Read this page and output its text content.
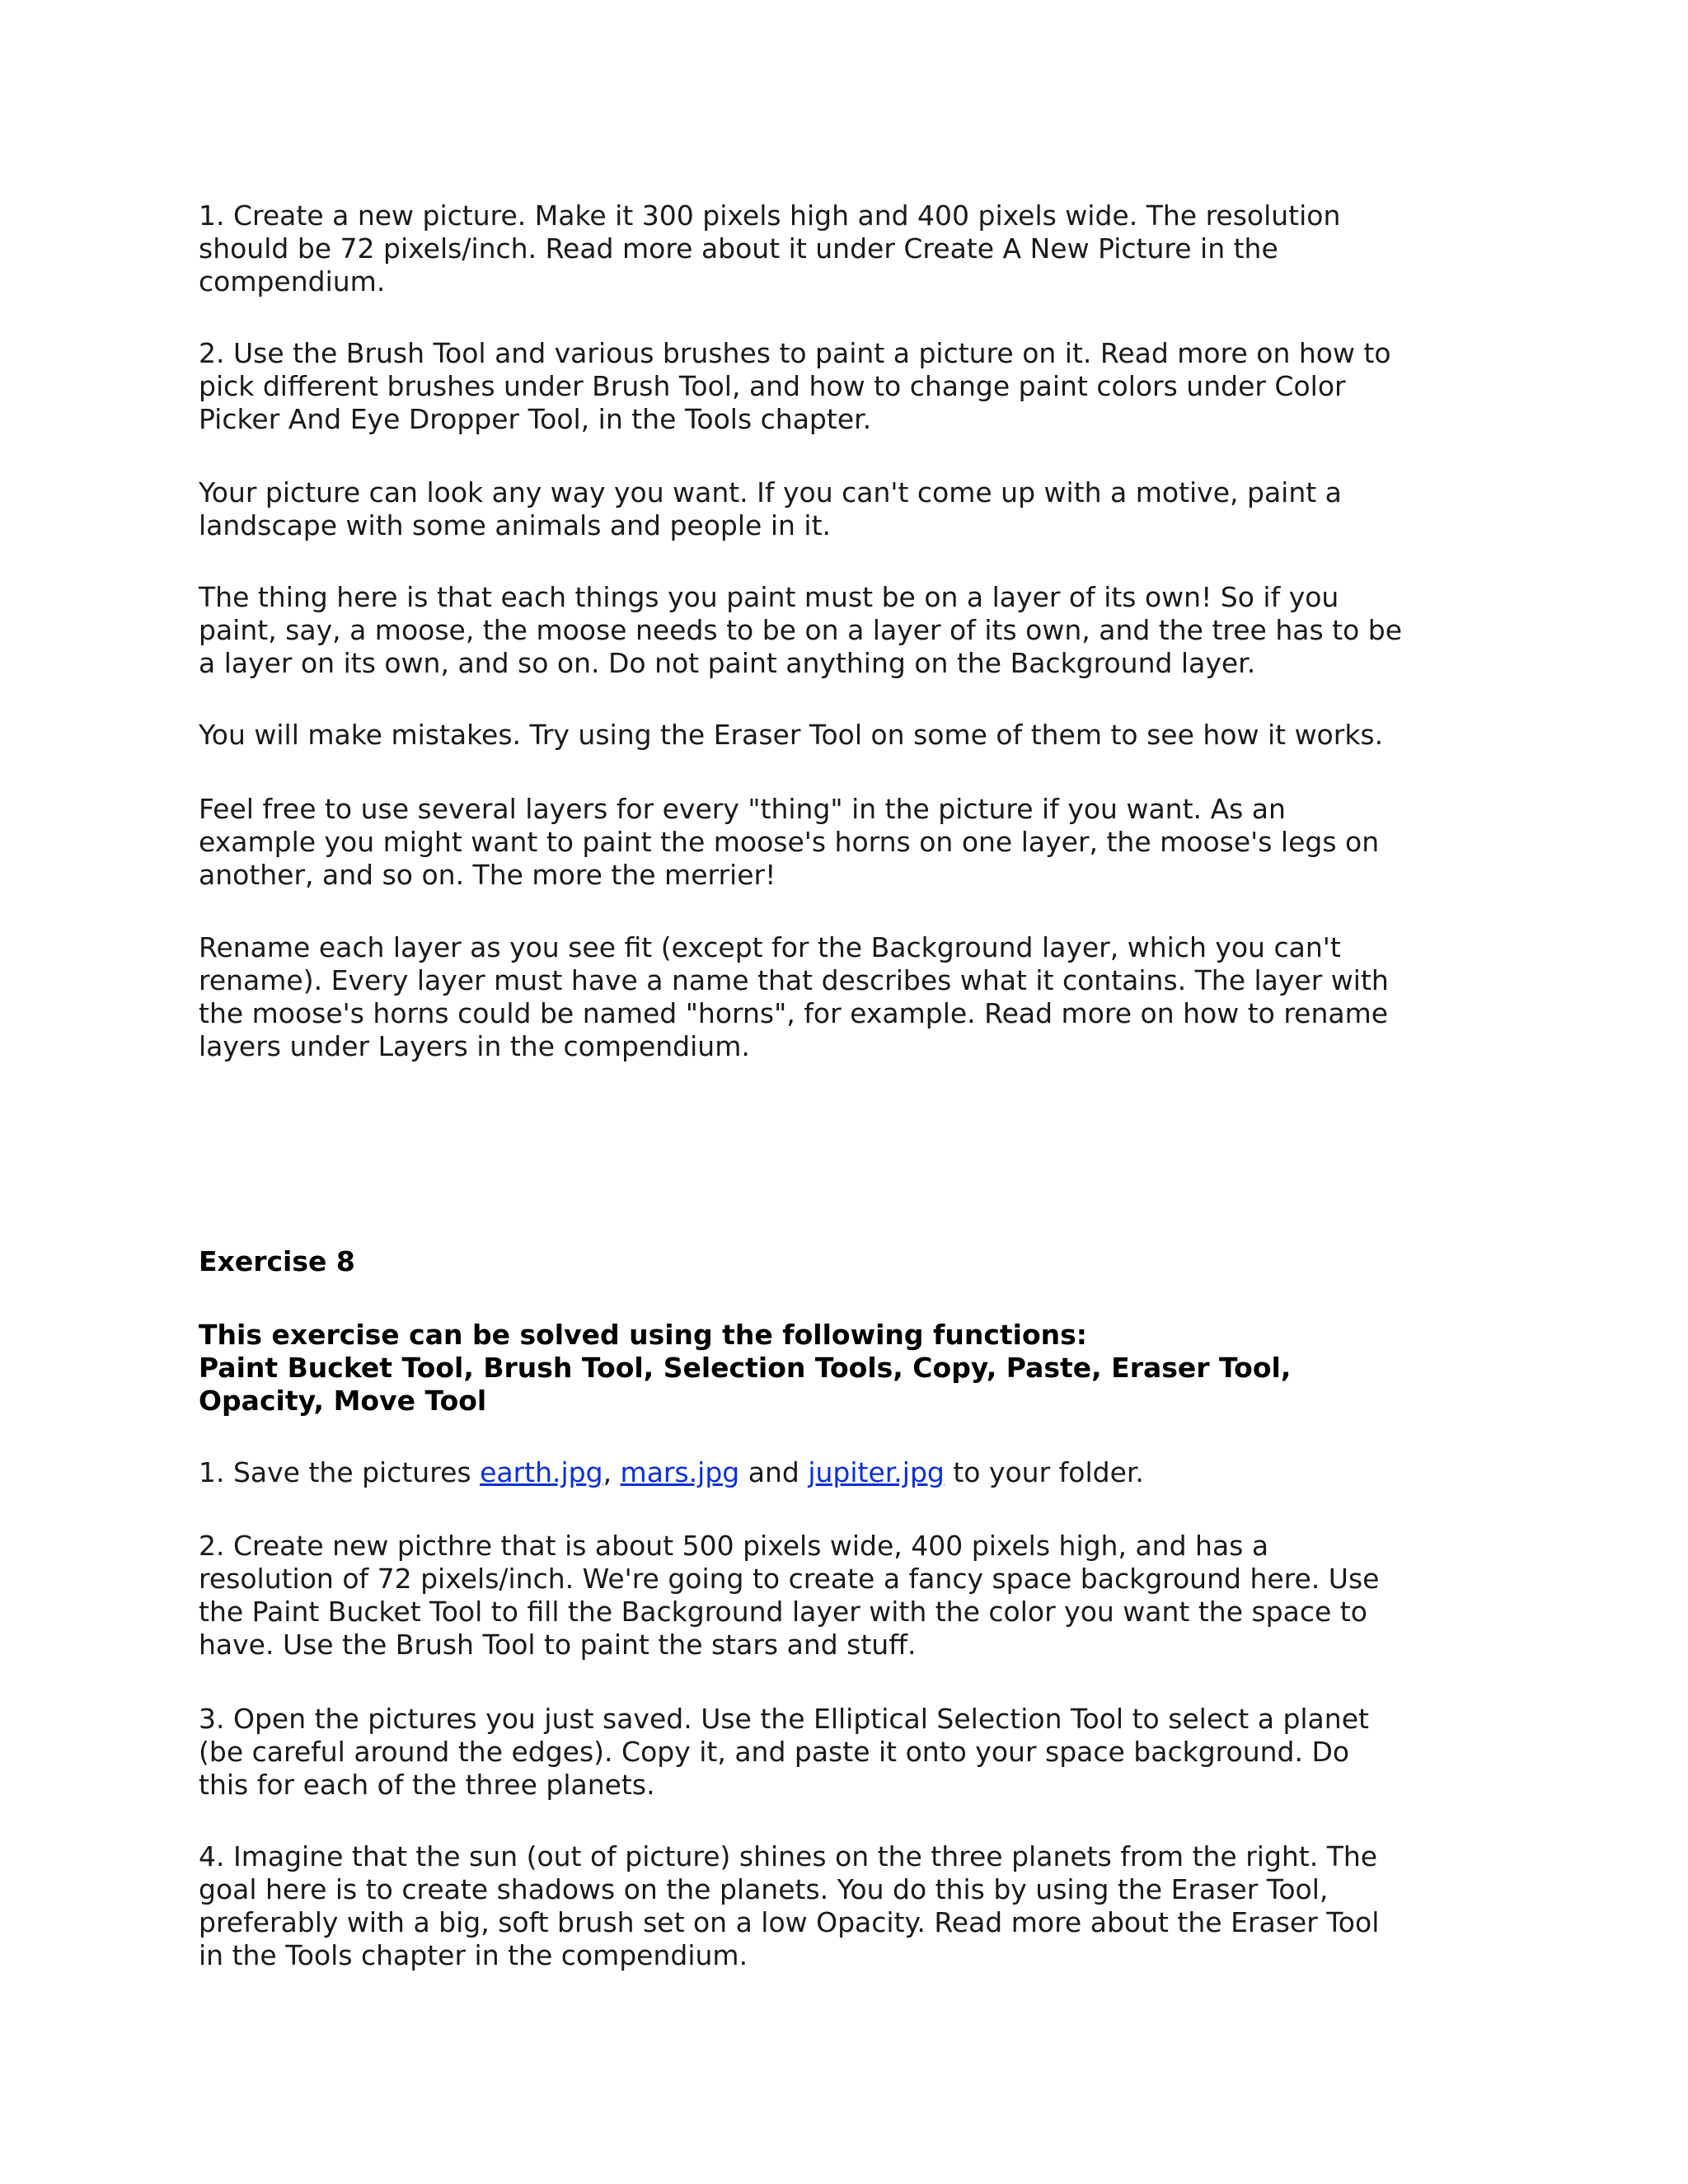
1. Create a new picture. Make it 300 pixels high and 400 pixels wide. The resolution
should be 72 pixels/inch. Read more about it under Create A New Picture in the
compendium.
2. Use the Brush Tool and various brushes to paint a picture on it. Read more on how to
pick different brushes under Brush Tool, and how to change paint colors under Color
Picker And Eye Dropper Tool, in the Tools chapter.
Your picture can look any way you want. If you can't come up with a motive, paint a
landscape with some animals and people in it.
The thing here is that each things you paint must be on a layer of its own! So if you
paint, say, a moose, the moose needs to be on a layer of its own, and the tree has to be
a layer on its own, and so on. Do not paint anything on the Background layer.
You will make mistakes. Try using the Eraser Tool on some of them to see how it works.
Feel free to use several layers for every "thing" in the picture if you want. As an
example you might want to paint the moose's horns on one layer, the moose's legs on
another, and so on. The more the merrier!
Rename each layer as you see fit (except for the Background layer, which you can't
rename). Every layer must have a name that describes what it contains. The layer with
the moose's horns could be named "horns", for example. Read more on how to rename
layers under Layers in the compendium.
Exercise 8
This exercise can be solved using the following functions:
Paint Bucket Tool, Brush Tool, Selection Tools, Copy, Paste, Eraser Tool,
Opacity, Move Tool
1. Save the pictures earth.jpg, mars.jpg and jupiter.jpg to your folder.
2. Create new picthre that is about 500 pixels wide, 400 pixels high, and has a
resolution of 72 pixels/inch. We're going to create a fancy space background here. Use
the Paint Bucket Tool to fill the Background layer with the color you want the space to
have. Use the Brush Tool to paint the stars and stuff.
3. Open the pictures you just saved. Use the Elliptical Selection Tool to select a planet
(be careful around the edges). Copy it, and paste it onto your space background. Do
this for each of the three planets.
4. Imagine that the sun (out of picture) shines on the three planets from the right. The
goal here is to create shadows on the planets. You do this by using the Eraser Tool,
preferably with a big, soft brush set on a low Opacity. Read more about the Eraser Tool
in the Tools chapter in the compendium.
